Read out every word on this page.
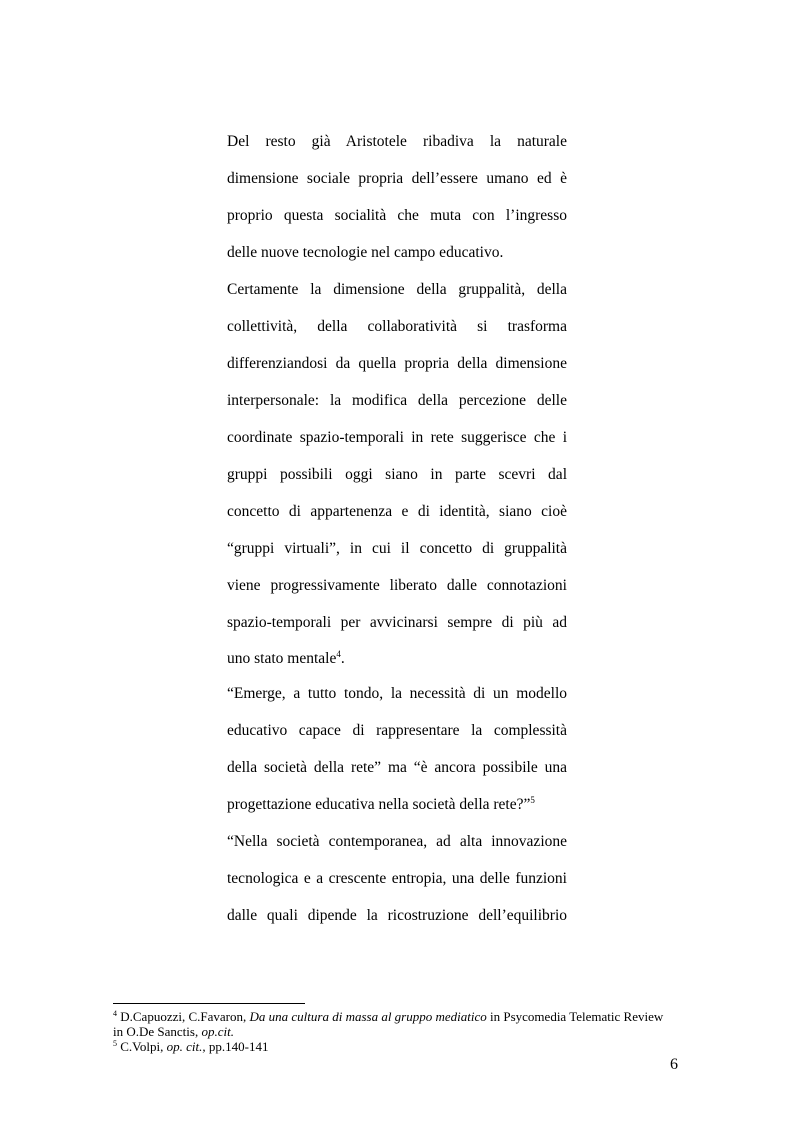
Del resto già Aristotele ribadiva la naturale
dimensione sociale propria dell’essere umano ed è
proprio questa socialità che muta con l’ingresso
delle nuove tecnologie nel campo educativo.
Certamente la dimensione della gruppalità, della
collettività, della collaboratività si trasforma
differenziandosi da quella propria della dimensione
interpersonale: la modifica della percezione delle
coordinate spazio-temporali in rete suggerisce che i
gruppi possibili oggi siano in parte scevri dal
concetto di appartenenza e di identità, siano cioè
“gruppi virtuali”, in cui il concetto di gruppalità
viene progressivamente liberato dalle connotazioni
spazio-temporali per avvicinarsi sempre di più ad
uno stato mentale$^4$.
“Emerge, a tutto tondo, la necessità di un modello
educativo capace di rappresentare la complessità
della società della rete” ma “è ancora possibile una
progettazione educativa nella società della rete?”$^5$
“Nella società contemporanea, ad alta innovazione
tecnologica e a crescente entropia, una delle funzioni
dalle quali dipende la ricostruzione dell’equilibrio
$^4$ D.Capuozzi, C.Favaron, Da una cultura di massa al gruppo mediatico in Psycomedia Telematic Review
in O.De Sanctis, op.cit.
$^5$ C.Volpi, op. cit., pp.140-141
6
